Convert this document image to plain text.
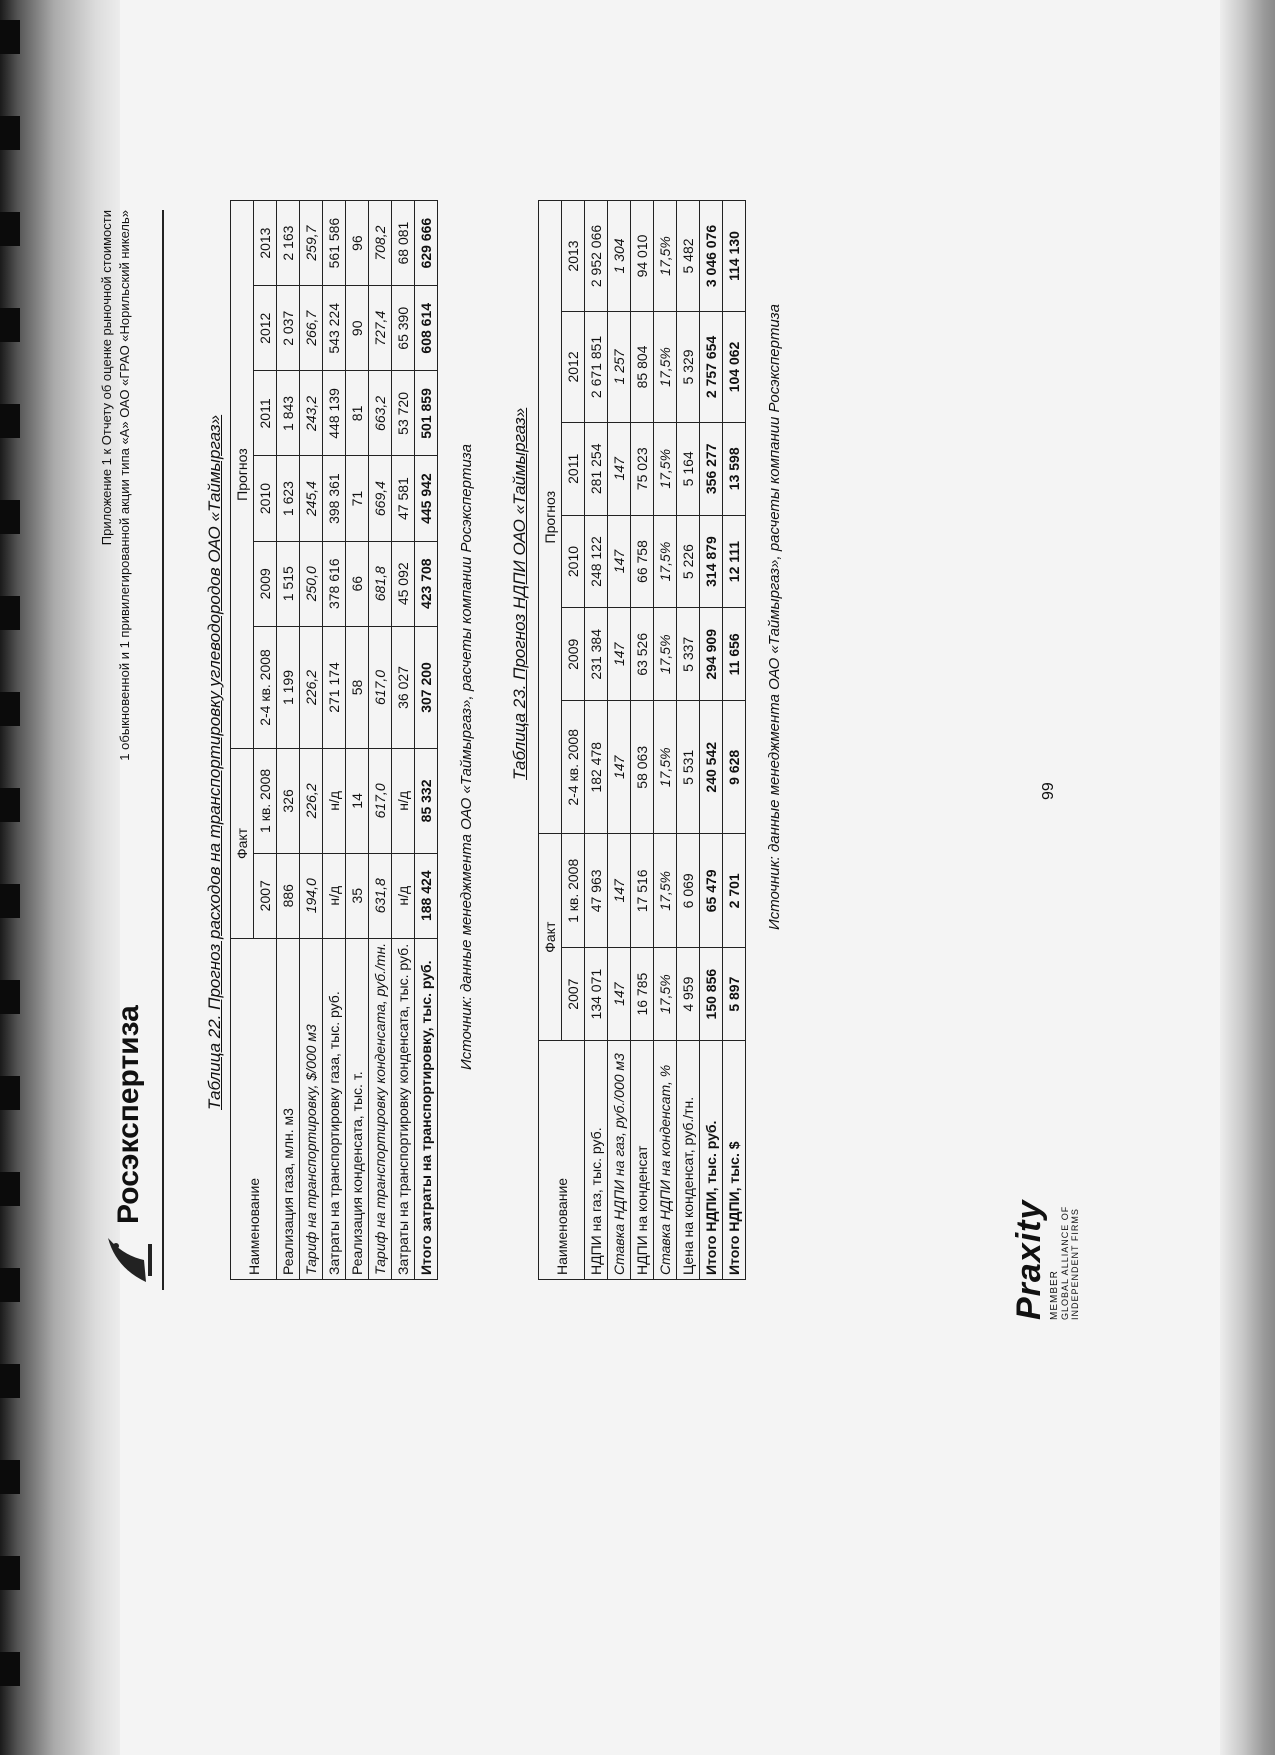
Росэкспертиза
Приложение 1 к Отчету об оценке рыночной стоимости 1 обыкновенной и 1 привилегированной акции типа «А» ОАО «ГРАО «Норильский никель»	Таблица 22. Прогноз расходов на транспортировку углеводородов ОАО «Таймыргаз»
Наименование	Факт		Прогноз					
	2007	1 кв. 2008	2-4 кв. 2008	2009	2010	2011	2012	2013
Реализация газа, млн. м3	886	326	1 199	1 515	1 623	1 843	2 037	2 163
Тариф на транспортировку, $/000 м3	194,0	226,2	226,2	250,0	245,4	243,2	266,7	259,7
Затраты на транспортировку газа, тыс. руб.	н/д	н/д	271 174	378 616	398 361	448 139	543 224	561 586
Реализация конденсата, тыс. т.	35	14	58	66	71	81	90	96
Тариф на транспортировку конденсата, руб./тн.	631,8	617,0	617,0	681,8	669,4	663,2	727,4	708,2
Затраты на транспортировку конденсата, тыс. руб.	н/д	н/д	36 027	45 092	47 581	53 720	65 390	68 081
Итого затраты на транспортировку, тыс. руб.	188 424	85 332	307 200	423 708	445 942	501 859	608 614	629 666
Источник: данные менеджмента ОАО «Таймыргаз», расчеты компании Росэкспертиза Таблица 23. Прогноз НДПИ ОАО «Таймыргаз»
Наименование	Факт		Прогноз					
	2007	1 кв. 2008	2-4 кв. 2008	2009	2010	2011	2012	2013
НДПИ на газ, тыс. руб.	134 071	47 963	182 478	231 384	248 122	281 254	2 671 851	2 952 066
Ставка НДПИ на газ, руб./000 м3	147	147	147	147	147	147	1 257	1 304
НДПИ на конденсат	16 785	17 516	58 063	63 526	66 758	75 023	85 804	94 010
Ставка НДПИ на конденсат, %	17,5%	17,5%	17,5%	17,5%	17,5%	17,5%	17,5%	17,5%
Цена на конденсат, руб./тн.	4 959	6 069	5 531	5 337	5 226	5 164	5 329	5 482
Итого НДПИ, тыс. руб.	150 856	65 479	240 542	294 909	314 879	356 277	2 757 654	3 046 076
Итого НДПИ, тыс. $	5 897	2 701	9 628	11 656	12 111	13 598	104 062	114 130
Источник: данные менеджмента ОАО «Таймыргаз», расчеты компании Росэкспертиза	99
Praxity MEMBER GLOBAL ALLIANCE OF INDEPENDENT FIRMS
